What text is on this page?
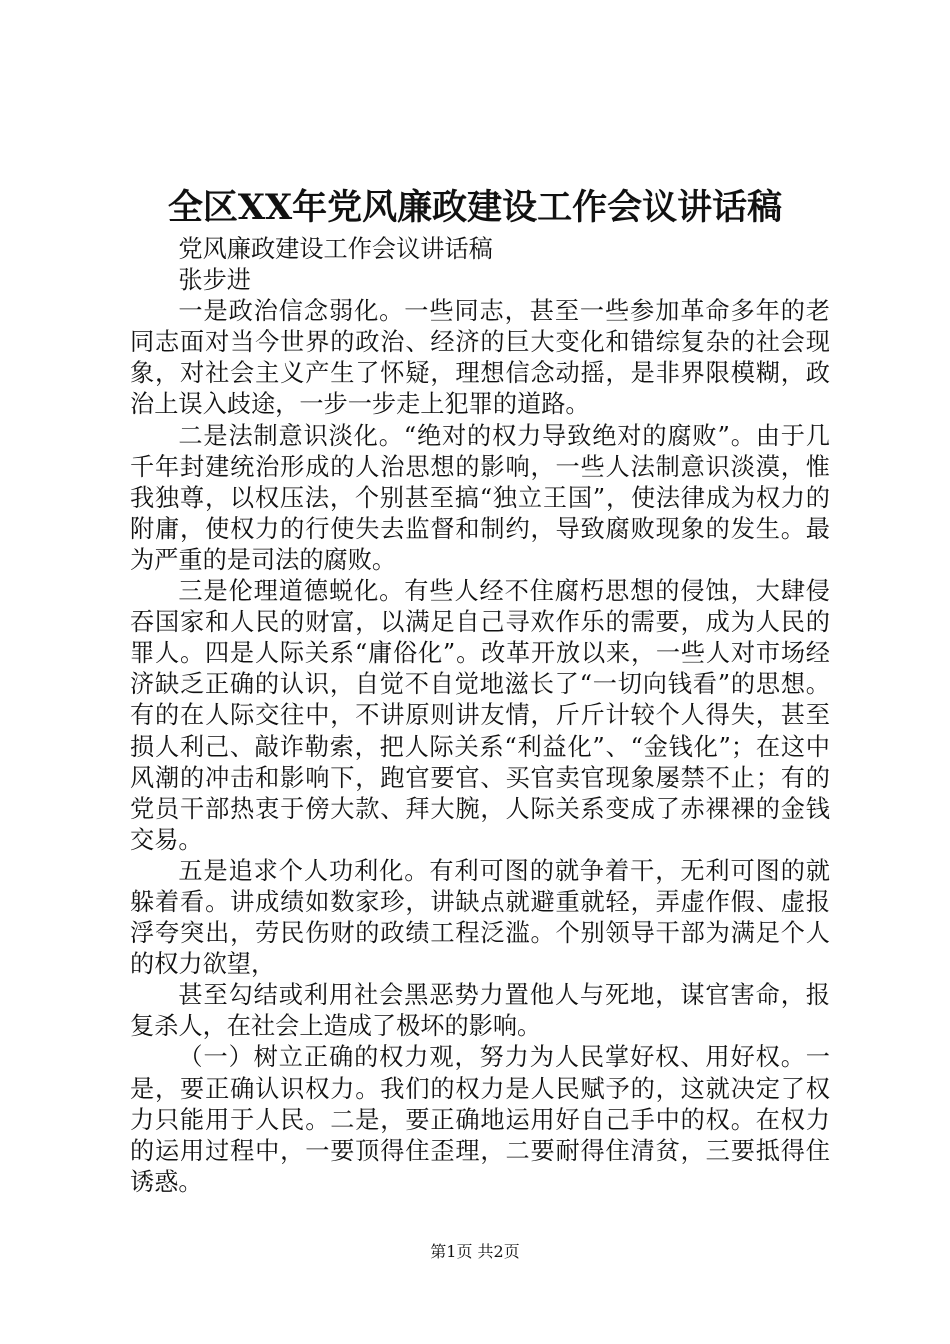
全区XX年党风廉政建设工作会议讲话稿

党风廉政建设工作会议讲话稿

张步进

一是政治信念弱化。一些同志，甚至一些参加革命多年的老同志面对当今世界的政治、经济的巨大变化和错综复杂的社会现象，对社会主义产生了怀疑，理想信念动摇，是非界限模糊，政治上误入歧途，一步一步走上犯罪的道路。

二是法制意识淡化。“绝对的权力导致绝对的腐败”。由于几千年封建统治形成的人治思想的影响，一些人法制意识淡漠，惟我独尊，以权压法，个别甚至搞“独立王国”，使法律成为权力的附庸，使权力的行使失去监督和制约，导致腐败现象的发生。最为严重的是司法的腐败。

三是伦理道德蜕化。有些人经不住腐朽思想的侵蚀，大肆侵吞国家和人民的财富，以满足自己寻欢作乐的需要，成为人民的罪人。四是人际关系“庸俗化”。改革开放以来，一些人对市场经济缺乏正确的认识，自觉不自觉地滋长了“一切向钱看”的思想。有的在人际交往中，不讲原则讲友情，斤斤计较个人得失，甚至损人利己、敲诈勒索，把人际关系“利益化”、“金钱化”；在这中风潮的冲击和影响下，跑官要官、买官卖官现象屡禁不止；有的党员干部热衷于傍大款、拜大腕，人际关系变成了赤裸裸的金钱交易。

五是追求个人功利化。有利可图的就争着干，无利可图的就躲着看。讲成绩如数家珍，讲缺点就避重就轻，弄虚作假、虚报浮夸突出，劳民伤财的政绩工程泛滥。个别领导干部为满足个人的权力欲望，

甚至勾结或利用社会黑恶势力置他人与死地，谋官害命，报复杀人，在社会上造成了极坏的影响。

（一）树立正确的权力观，努力为人民掌好权、用好权。一是，要正确认识权力。我们的权力是人民赋予的，这就决定了权力只能用于人民。二是，要正确地运用好自己手中的权。在权力的运用过程中，一要顶得住歪理，二要耐得住清贫，三要抵得住诱惑。

第1页 共2页
